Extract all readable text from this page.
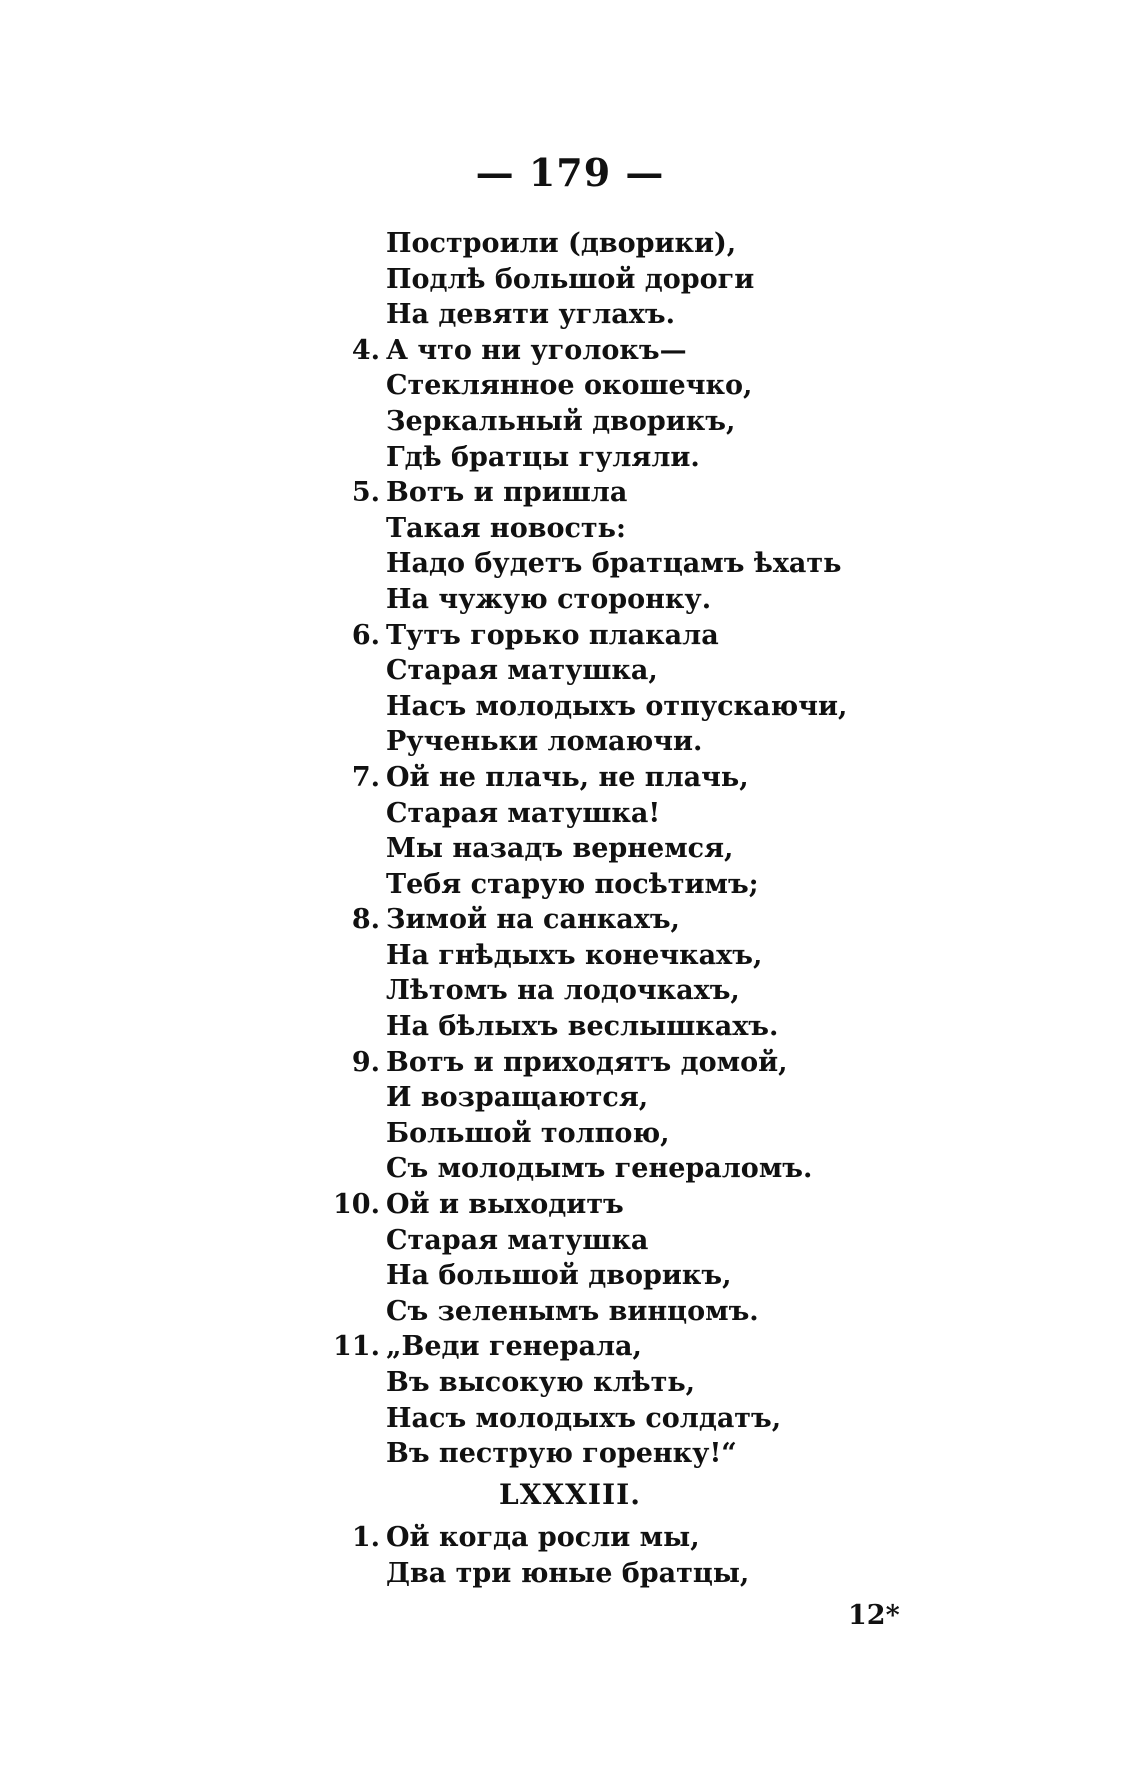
— 179 —
Построили (дворики),
Подлѣ большой дороги
На девяти углахъ.
4. А что ни уголокъ—
Стеклянное окошечко,
Зеркальный дворикъ,
Гдѣ братцы гуляли.
5. Вотъ и пришла
Такая новость:
Надо будетъ братцамъ ѣхать
На чужую сторонку.
6. Тутъ горько плакала
Старая матушка,
Насъ молодыхъ отпускаючи,
Рученьки ломаючи.
7. Ой не плачь, не плачь,
Старая матушка!
Мы назадъ вернемся,
Тебя старую посѣтимъ;
8. Зимой на санкахъ,
На гнѣдыхъ конечкахъ,
Лѣтомъ на лодочкахъ,
На бѣлыхъ веслышкахъ.
9. Вотъ и приходятъ домой,
И возращаются,
Большой толпою,
Съ молодымъ генераломъ.
10. Ой и выходитъ
Старая матушка
На большой дворикъ,
Съ зеленымъ винцомъ.
11. „Веди генерала,
Въ высокую клѣть,
Насъ молодыхъ солдатъ,
Въ пеструю горенку!“
LXXXIII.
1. Ой когда росли мы,
Два три юные братцы,
12*
